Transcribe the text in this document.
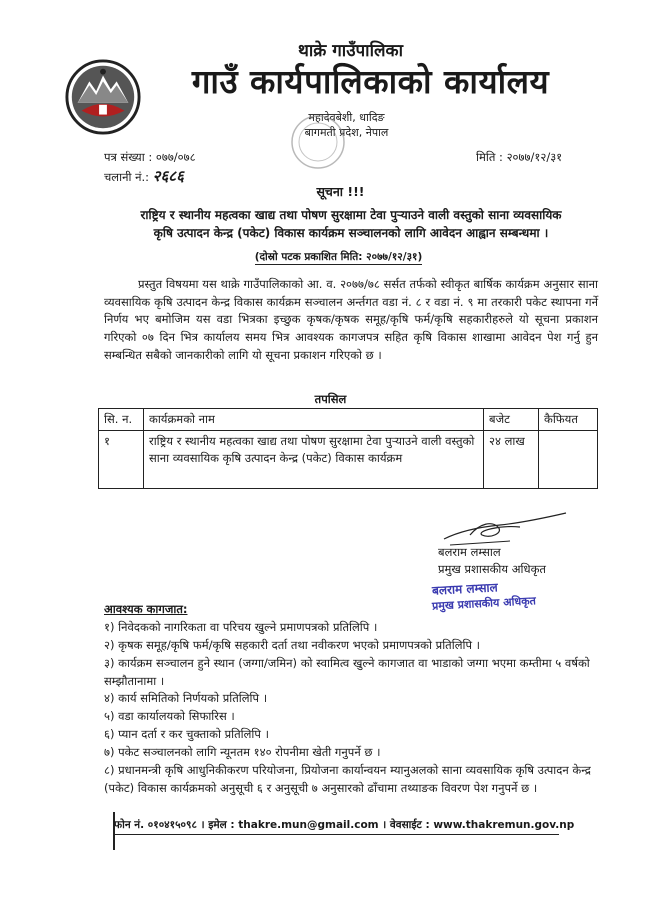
थाक्रे गाउँपालिका
गाउँ कार्यपालिकाको कार्यालय
महादेवबेशी, धादिङ
बागमती प्रदेश, नेपाल
पत्र संख्या : ०७७/०७८
चलानी नं.: २६८६
मिति : २०७७/१२/३१
सूचना !!!
राष्ट्रिय र स्थानीय महत्वका खाद्य तथा पोषण सुरक्षामा टेवा पुऱ्याउने वाली वस्तुको साना व्यवसायिक
कृषि उत्पादन केन्द्र (पकेट) विकास कार्यक्रम सञ्चालनको लागि आवेदन आह्वान सम्बन्धमा ।
(दोस्रो पटक प्रकाशित मिति: २०७७/१२/३१)
प्रस्तुत विषयमा यस थाक्रे गाउँपालिकाको आ. व. २०७७/७८ सर्सत तर्फको स्वीकृत बार्षिक कार्यक्रम अनुसार साना व्यवसायिक कृषि उत्पादन केन्द्र विकास कार्यक्रम सञ्चालन अर्न्तगत वडा नं. ८ र वडा नं. ९ मा तरकारी पकेट स्थापना गर्ने निर्णय भए बमोजिम यस वडा भित्रका इच्छुक कृषक/कृषक समूह/कृषि फर्म/कृषि सहकारीहरुले यो सूचना प्रकाशन गरिएको ०७ दिन भित्र कार्यालय समय भित्र आवश्यक कागजपत्र सहित कृषि विकास शाखामा आवेदन पेश गर्नु हुन सम्बन्धित सबैको जानकारीको लागि यो सूचना प्रकाशन गरिएको छ ।
तपसिल
सि. न.	कार्यक्रमको नाम	बजेट	कैफियत
१	राष्ट्रिय र स्थानीय महत्वका खाद्य तथा पोषण सुरक्षामा टेवा पुऱ्याउने वाली वस्तुको साना व्यवसायिक कृषि उत्पादन केन्द्र (पकेट) विकास कार्यक्रम	२४ लाख	
बलराम लम्साल
प्रमुख प्रशासकीय अधिकृत
बलराम लम्साल
प्रमुख प्रशासकीय अधिकृत
आवश्यक कागजात:
१) निवेदकको नागरिकता वा परिचय खुल्ने प्रमाणपत्रको प्रतिलिपि ।
२) कृषक समूह/कृषि फर्म/कृषि सहकारी दर्ता तथा नवीकरण भएको प्रमाणपत्रको प्रतिलिपि ।
३) कार्यक्रम सञ्चालन हुने स्थान (जग्गा/जमिन) को स्वामित्व खुल्ने कागजात वा भाडाको जग्गा भएमा कम्तीमा ५ वर्षको सम्झौतानामा ।
४) कार्य समितिको निर्णयको प्रतिलिपि ।
५) वडा कार्यालयको सिफारिस ।
६) प्यान दर्ता र कर चुक्ताको प्रतिलिपि ।
७) पकेट सञ्चालनको लागि न्यूनतम १४० रोपनीमा खेती गनुपर्ने छ ।
८) प्रधानमन्त्री कृषि आधुनिकीकरण परियोजना, प्रियोजना कार्यान्वयन म्यानुअलको साना व्यवसायिक कृषि उत्पादन केन्द्र (पकेट) विकास कार्यक्रमको अनुसूची ६ र अनुसूची ७ अनुसारको ढाँचामा तथ्याङक विवरण पेश गनुपर्ने छ ।
फोन नं. ०१०४१५०९८ । इमेल : thakre.mun@gmail.com । वेवसाईट : www.thakremun.gov.np
